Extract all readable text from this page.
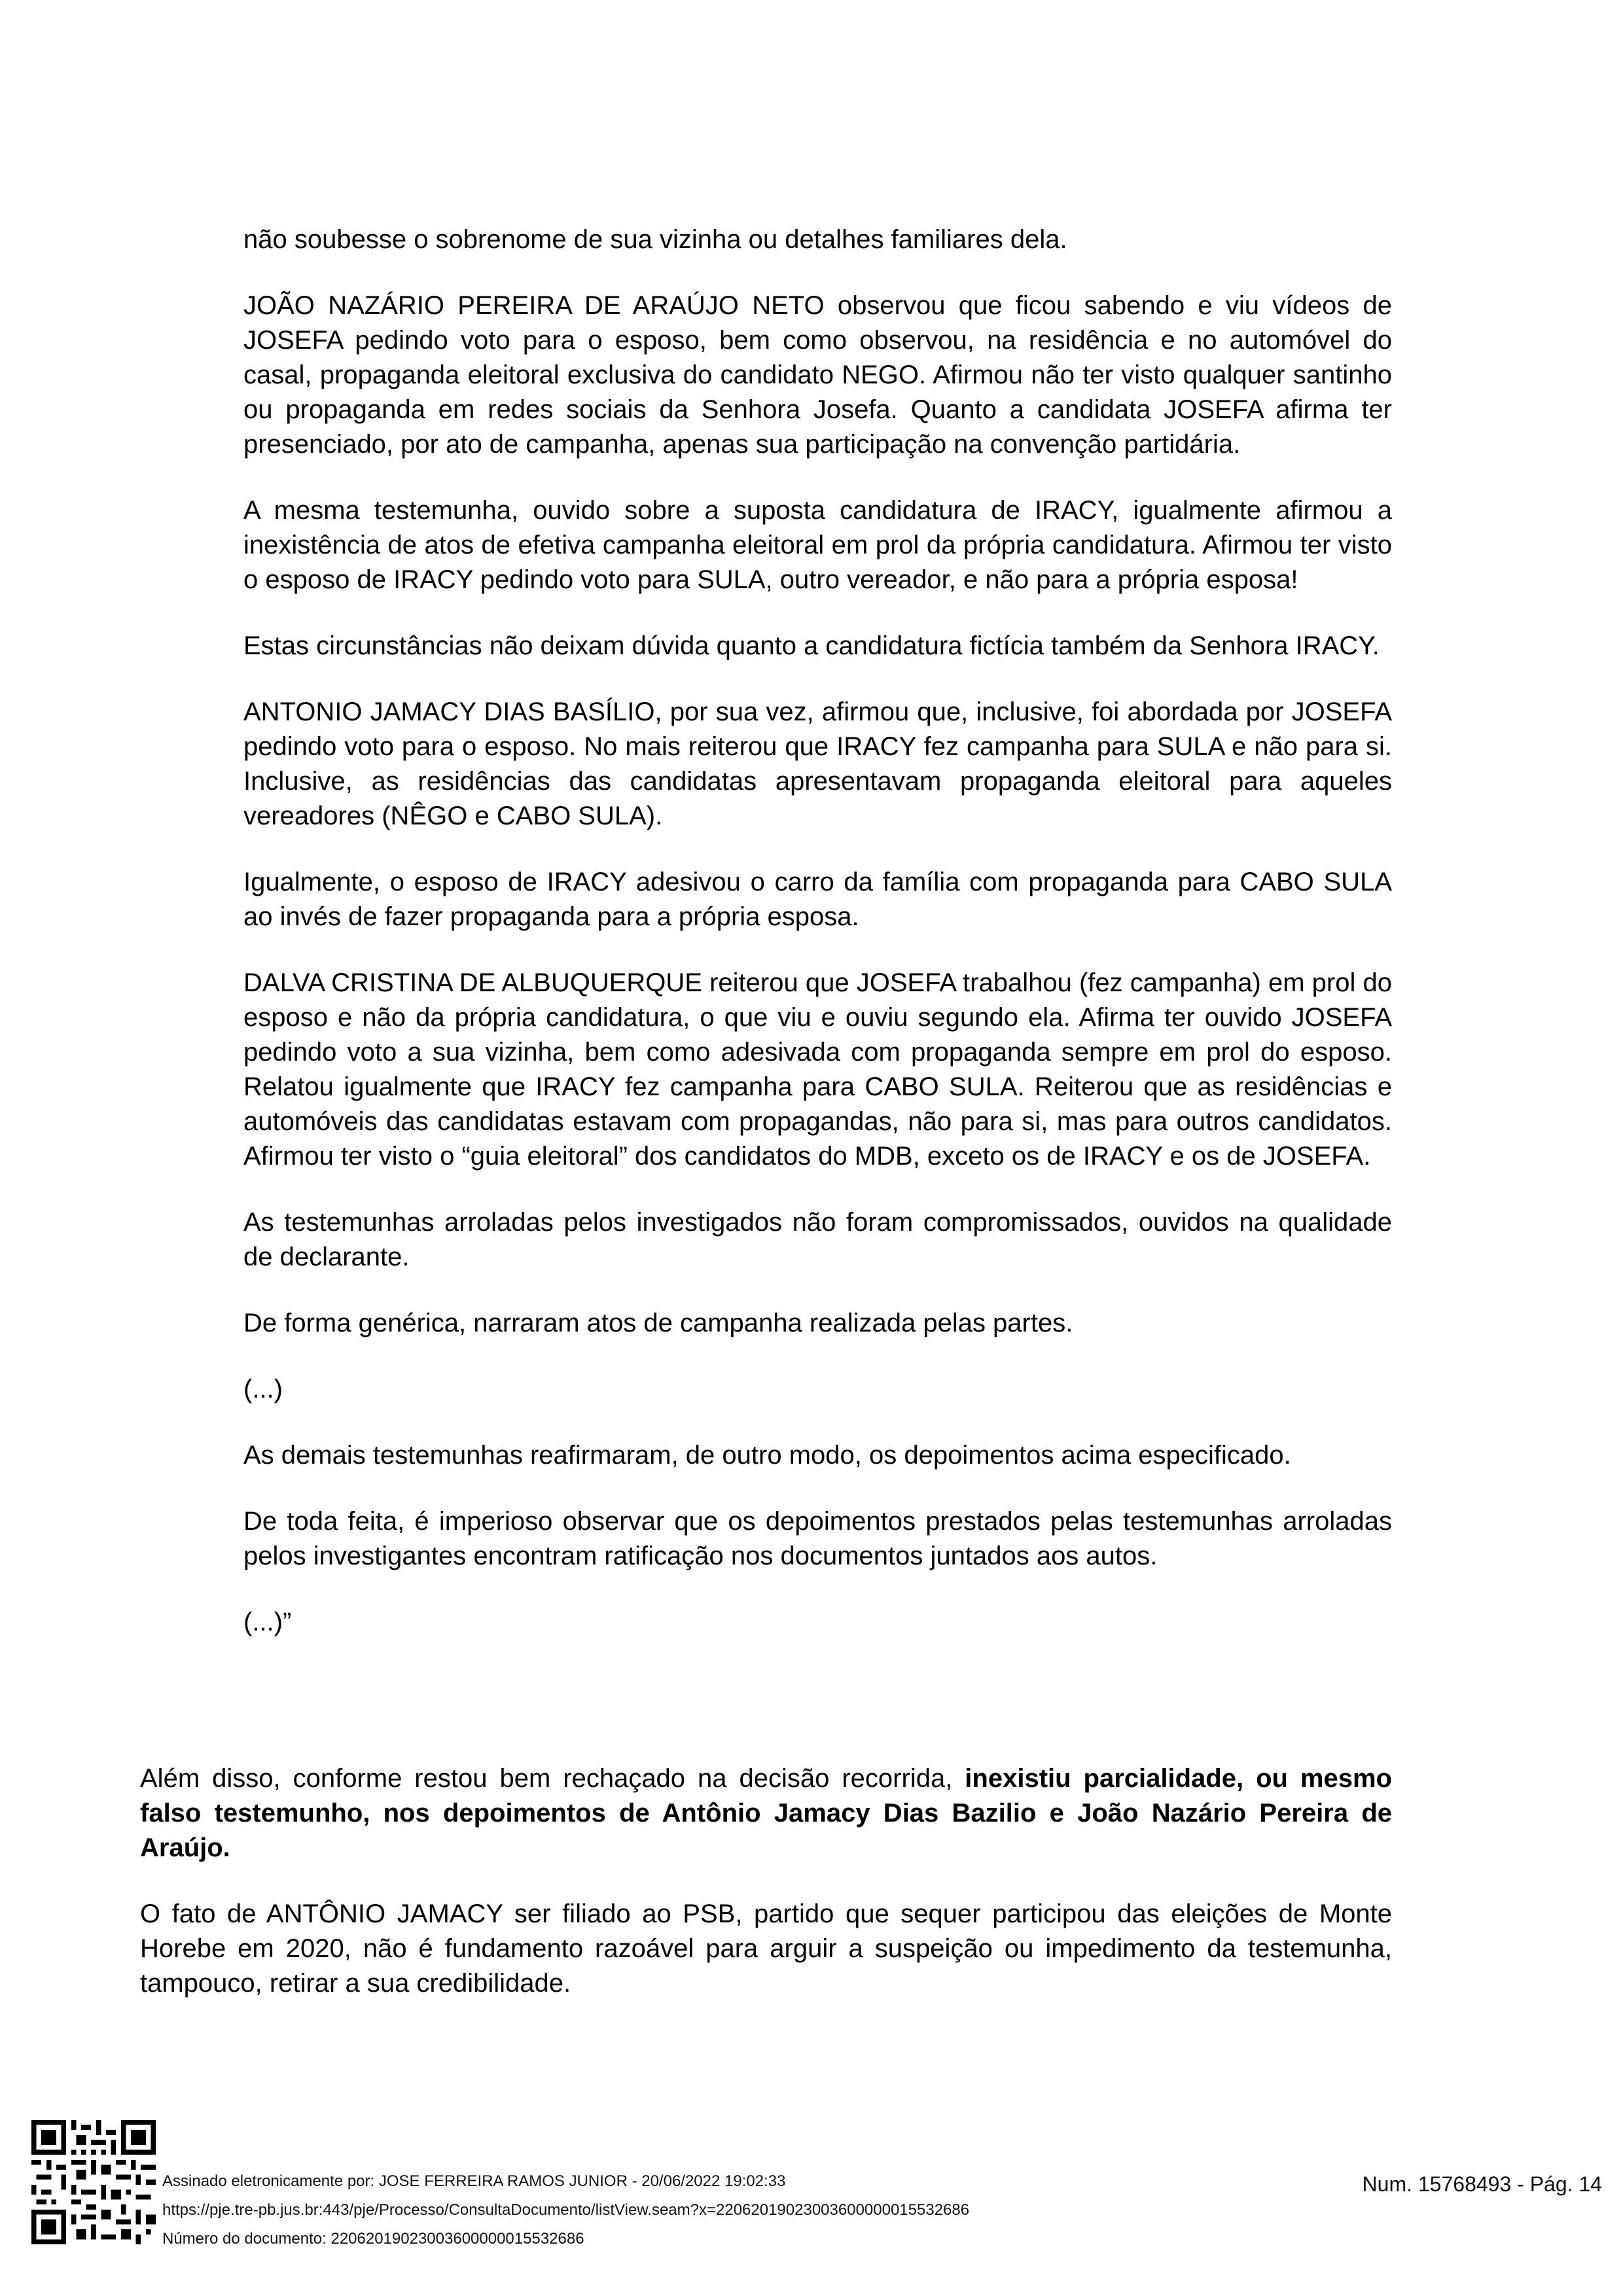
não soubesse o sobrenome de sua vizinha ou detalhes familiares dela.

JOÃO NAZÁRIO PEREIRA DE ARAÚJO NETO observou que ficou sabendo e viu vídeos de JOSEFA pedindo voto para o esposo, bem como observou, na residência e no automóvel do casal, propaganda eleitoral exclusiva do candidato NEGO. Afirmou não ter visto qualquer santinho ou propaganda em redes sociais da Senhora Josefa. Quanto a candidata JOSEFA afirma ter presenciado, por ato de campanha, apenas sua participação na convenção partidária.

A mesma testemunha, ouvido sobre a suposta candidatura de IRACY, igualmente afirmou a inexistência de atos de efetiva campanha eleitoral em prol da própria candidatura. Afirmou ter visto o esposo de IRACY pedindo voto para SULA, outro vereador, e não para a própria esposa!

Estas circunstâncias não deixam dúvida quanto a candidatura fictícia também da Senhora IRACY.

ANTONIO JAMACY DIAS BASÍLIO, por sua vez, afirmou que, inclusive, foi abordada por JOSEFA pedindo voto para o esposo. No mais reiterou que IRACY fez campanha para SULA e não para si. Inclusive, as residências das candidatas apresentavam propaganda eleitoral para aqueles vereadores (NÊGO e CABO SULA).

Igualmente, o esposo de IRACY adesivou o carro da família com propaganda para CABO SULA ao invés de fazer propaganda para a própria esposa.

DALVA CRISTINA DE ALBUQUERQUE reiterou que JOSEFA trabalhou (fez campanha) em prol do esposo e não da própria candidatura, o que viu e ouviu segundo ela. Afirma ter ouvido JOSEFA pedindo voto a sua vizinha, bem como adesivada com propaganda sempre em prol do esposo. Relatou igualmente que IRACY fez campanha para CABO SULA. Reiterou que as residências e automóveis das candidatas estavam com propagandas, não para si, mas para outros candidatos. Afirmou ter visto o “guia eleitoral” dos candidatos do MDB, exceto os de IRACY e os de JOSEFA.

As testemunhas arroladas pelos investigados não foram compromissados, ouvidos na qualidade de declarante.

De forma genérica, narraram atos de campanha realizada pelas partes.

(...)

As demais testemunhas reafirmaram, de outro modo, os depoimentos acima especificado.

De toda feita, é imperioso observar que os depoimentos prestados pelas testemunhas arroladas pelos investigantes encontram ratificação nos documentos juntados aos autos.

(...)”

Além disso, conforme restou bem rechaçado na decisão recorrida, inexistiu parcialidade, ou mesmo falso testemunho, nos depoimentos de Antônio Jamacy Dias Bazilio e João Nazário Pereira de Araújo.

O fato de ANTÔNIO JAMACY ser filiado ao PSB, partido que sequer participou das eleições de Monte Horebe em 2020, não é fundamento razoável para arguir a suspeição ou impedimento da testemunha, tampouco, retirar a sua credibilidade.

Assinado eletronicamente por: JOSE FERREIRA RAMOS JUNIOR - 20/06/2022 19:02:33
https://pje.tre-pb.jus.br:443/pje/Processo/ConsultaDocumento/listView.seam?x=22062019023003600000015532686
Número do documento: 22062019023003600000015532686
Num. 15768493 - Pág. 14
